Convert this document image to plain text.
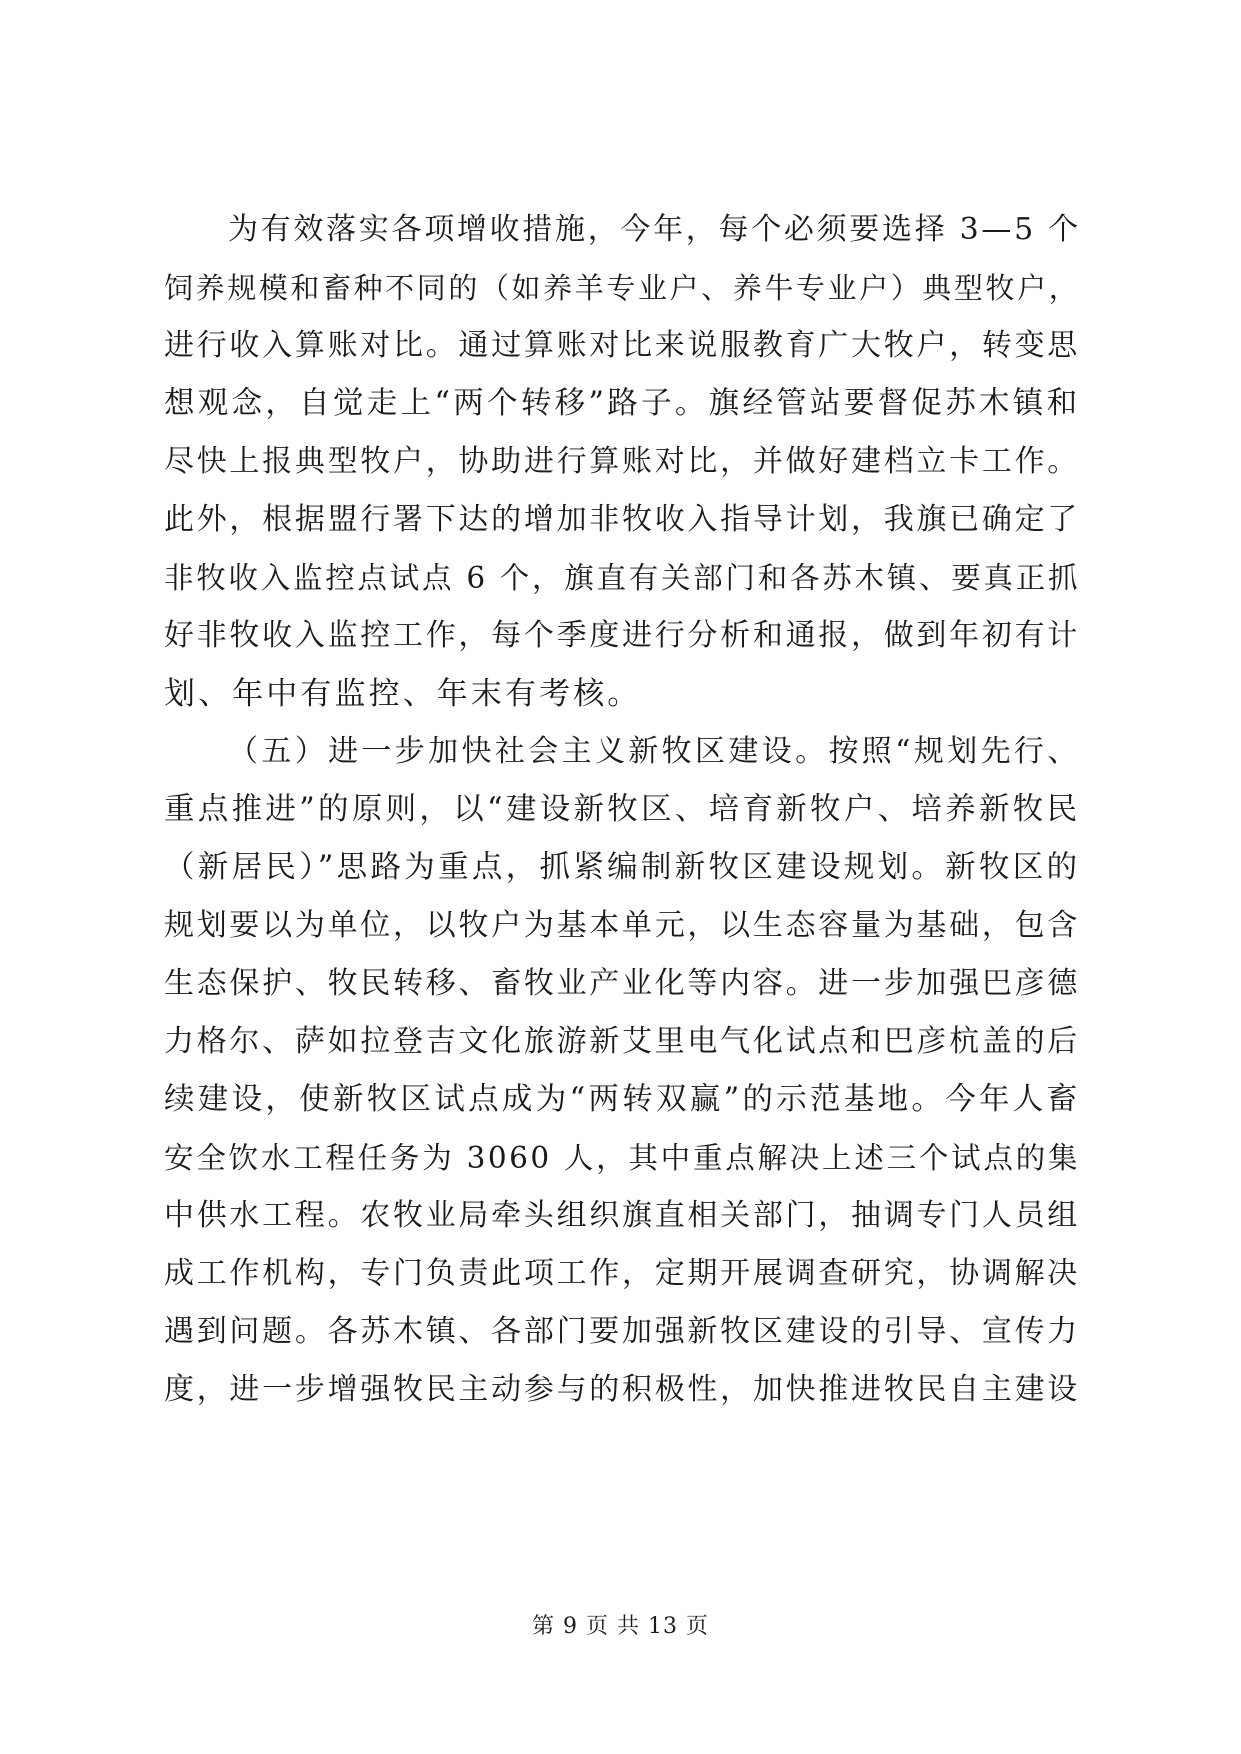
为有效落实各项增收措施，今年，每个必须要选择 3—5 个
饲养规模和畜种不同的（如养羊专业户、养牛专业户）典型牧户，
进行收入算账对比。通过算账对比来说服教育广大牧户，转变思
想观念，自觉走上“两个转移”路子。旗经管站要督促苏木镇和
尽快上报典型牧户，协助进行算账对比，并做好建档立卡工作。
此外，根据盟行署下达的增加非牧收入指导计划，我旗已确定了
非牧收入监控点试点 6 个，旗直有关部门和各苏木镇、要真正抓
好非牧收入监控工作，每个季度进行分析和通报，做到年初有计
划、年中有监控、年末有考核。
（五）进一步加快社会主义新牧区建设。按照“规划先行、
重点推进”的原则，以“建设新牧区、培育新牧户、培养新牧民
（新居民）”思路为重点，抓紧编制新牧区建设规划。新牧区的
规划要以为单位，以牧户为基本单元，以生态容量为基础，包含
生态保护、牧民转移、畜牧业产业化等内容。进一步加强巴彦德
力格尔、萨如拉登吉文化旅游新艾里电气化试点和巴彦杭盖的后
续建设，使新牧区试点成为“两转双赢”的示范基地。今年人畜
安全饮水工程任务为 3060 人，其中重点解决上述三个试点的集
中供水工程。农牧业局牵头组织旗直相关部门，抽调专门人员组
成工作机构，专门负责此项工作，定期开展调查研究，协调解决
遇到问题。各苏木镇、各部门要加强新牧区建设的引导、宣传力
度，进一步增强牧民主动参与的积极性，加快推进牧民自主建设
第 9 页 共 13 页
